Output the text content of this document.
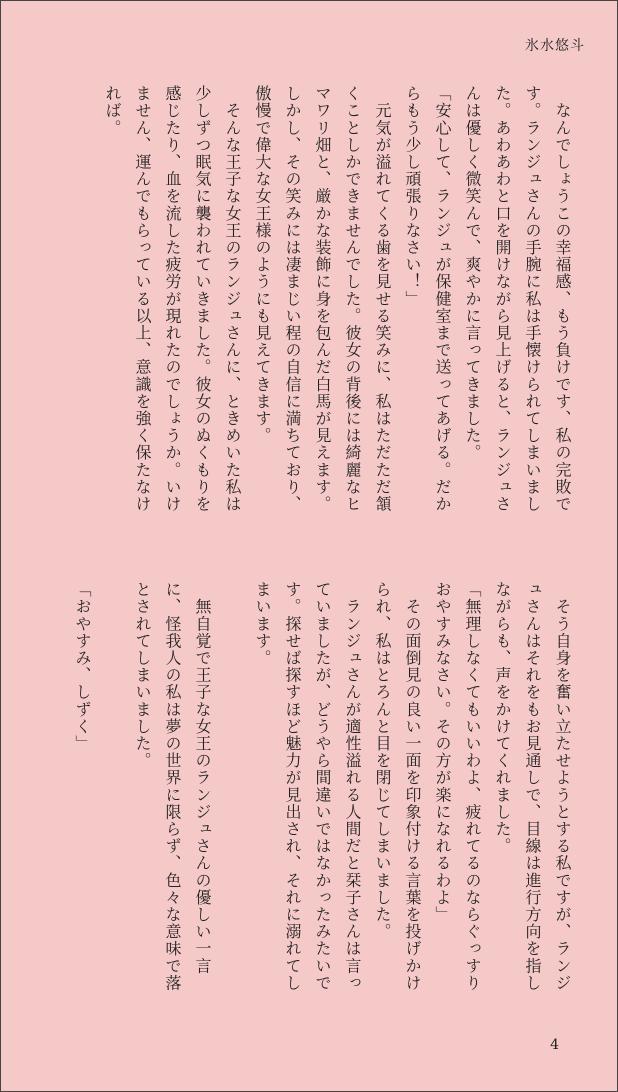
氷水悠斗

　なんでしょうこの幸福感、もう負けです、私の完敗です。ランジュさんの手腕に私は手懐けられてしまいました。あわあわと口を開けながら見上げると、ランジュさんは優しく微笑んで、爽やかに言ってきました。

「安心して、ランジュが保健室まで送ってあげる。だからもう少し頑張りなさい！」

　元気が溢れてくる歯を見せる笑みに、私はただただ頷くことしかできませんでした。彼女の背後には綺麗なヒマワリ畑と、厳かな装飾に身を包んだ白馬が見えます。しかし、その笑みには凄まじい程の自信に満ちており、傲慢で偉大な女王様のようにも見えてきます。

　そんな王子な女王のランジュさんに、ときめいた私は少しずつ眠気に襲われていきました。彼女のぬくもりを感じたり、血を流した疲労が現れたのでしょうか。いけません、運んでもらっている以上、意識を強く保たなければ。

　そう自身を奮い立たせようとする私ですが、ランジュさんはそれをもお見通しで、目線は進行方向を指しながらも、声をかけてくれました。

「無理しなくてもいいわよ、疲れてるのならぐっすりおやすみなさい。その方が楽になれるわよ」

　その面倒見の良い一面を印象付ける言葉を投げかけられ、私はとろんと目を閉じてしまいました。

　ランジュさんが適性溢れる人間だと栞子さんは言っていましたが、どうやら間違いではなかったみたいです。探せば探すほど魅力が見出され、それに溺れてしまいます。

　無自覚で王子な女王のランジュさんの優しい一言に、怪我人の私は夢の世界に限らず、色々な意味で落とされてしまいました。

「おやすみ、しずく」

4
